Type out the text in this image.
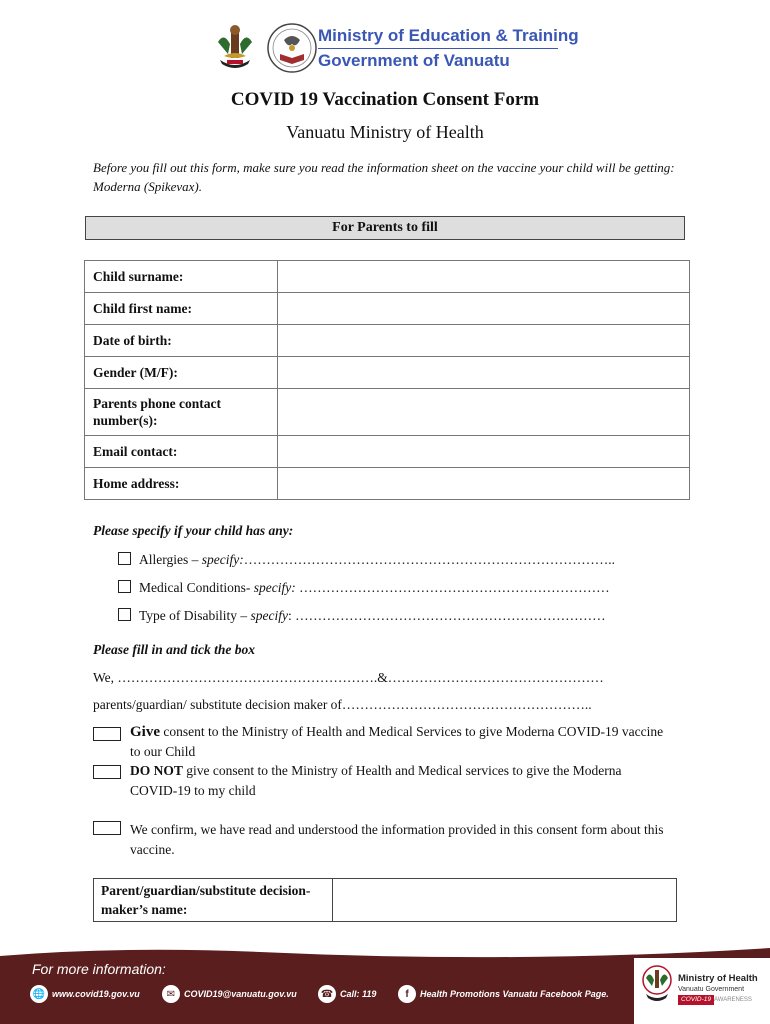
Ministry of Education & Training
Government of Vanuatu
COVID 19 Vaccination Consent Form
Vanuatu Ministry of Health
Before you fill out this form, make sure you read the information sheet on the vaccine your child will be getting: Moderna (Spikevax).
For Parents to fill
Child surname:	
Child first name:	
Date of birth:	
Gender (M/F):	
Parents phone contact number(s):	
Email contact:	
Home address:	
Please specify if your child has any:
Allergies – specify:………………………………………………………………………..
Medical Conditions- specify: ……………………………………………………………
Type of Disability – specify: ……………………………………………………………
Please fill in and tick the box
We, ………………………………………………….&…………………………………………
parents/guardian/ substitute decision maker of………………………………………………..
Give consent to the Ministry of Health and Medical Services to give Moderna COVID-19 vaccine to our Child
DO NOT give consent to the Ministry of Health and Medical services to give the Moderna COVID-19 to my child
We confirm, we have read and understood the information provided in this consent form about this vaccine.
Parent/guardian/substitute decision-maker’s name:	
For more information:
🌐 www.covid19.gov.vu	✉ COVID19@vanuatu.gov.vu ☎ Call: 119	f	Health Promotions Vanuatu Facebook Page.
Ministry of Health
Vanuatu Government
COVID-19 AWARENESS
